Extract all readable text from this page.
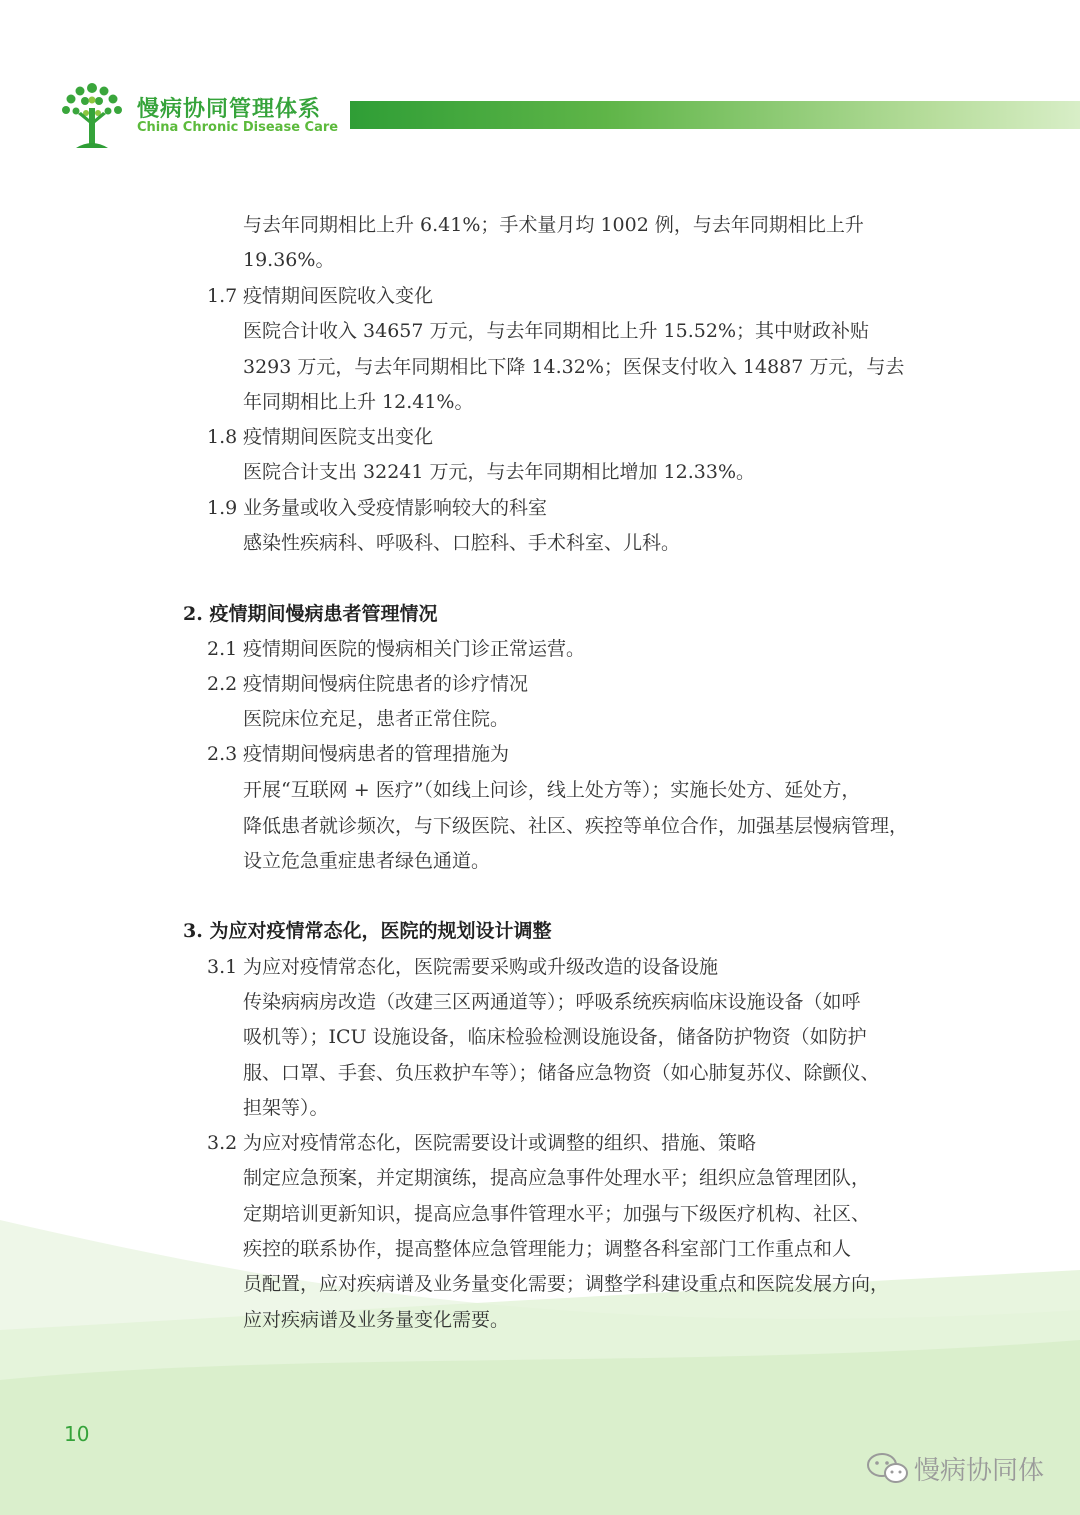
慢病协同管理体系
China Chronic Disease Care
与去年同期相比上升 6.41%；手术量月均 1002 例，与去年同期相比上升
19.36%。
1.7 疫情期间医院收入变化
医院合计收入 34657 万元，与去年同期相比上升 15.52%；其中财政补贴
3293 万元，与去年同期相比下降 14.32%；医保支付收入 14887 万元，与去
年同期相比上升 12.41%。
1.8 疫情期间医院支出变化
医院合计支出 32241 万元，与去年同期相比增加 12.33%。
1.9 业务量或收入受疫情影响较大的科室
感染性疾病科、呼吸科、口腔科、手术科室、儿科。
2. 疫情期间慢病患者管理情况
2.1 疫情期间医院的慢病相关门诊正常运营。
2.2 疫情期间慢病住院患者的诊疗情况
医院床位充足，患者正常住院。
2.3 疫情期间慢病患者的管理措施为
开展“互联网 + 医疗”（如线上问诊，线上处方等）；实施长处方、延处方，
降低患者就诊频次，与下级医院、社区、疾控等单位合作，加强基层慢病管理，
设立危急重症患者绿色通道。
3. 为应对疫情常态化，医院的规划设计调整
3.1 为应对疫情常态化，医院需要采购或升级改造的设备设施
传染病病房改造（改建三区两通道等）；呼吸系统疾病临床设施设备（如呼
吸机等）；ICU 设施设备，临床检验检测设施设备，储备防护物资（如防护
服、口罩、手套、负压救护车等）；储备应急物资（如心肺复苏仪、除颤仪、
担架等）。
3.2 为应对疫情常态化，医院需要设计或调整的组织、措施、策略
制定应急预案，并定期演练，提高应急事件处理水平；组织应急管理团队，
定期培训更新知识，提高应急事件管理水平；加强与下级医疗机构、社区、
疾控的联系协作，提高整体应急管理能力；调整各科室部门工作重点和人
员配置，应对疾病谱及业务量变化需要；调整学科建设重点和医院发展方向，
应对疾病谱及业务量变化需要。
10
慢病协同体
